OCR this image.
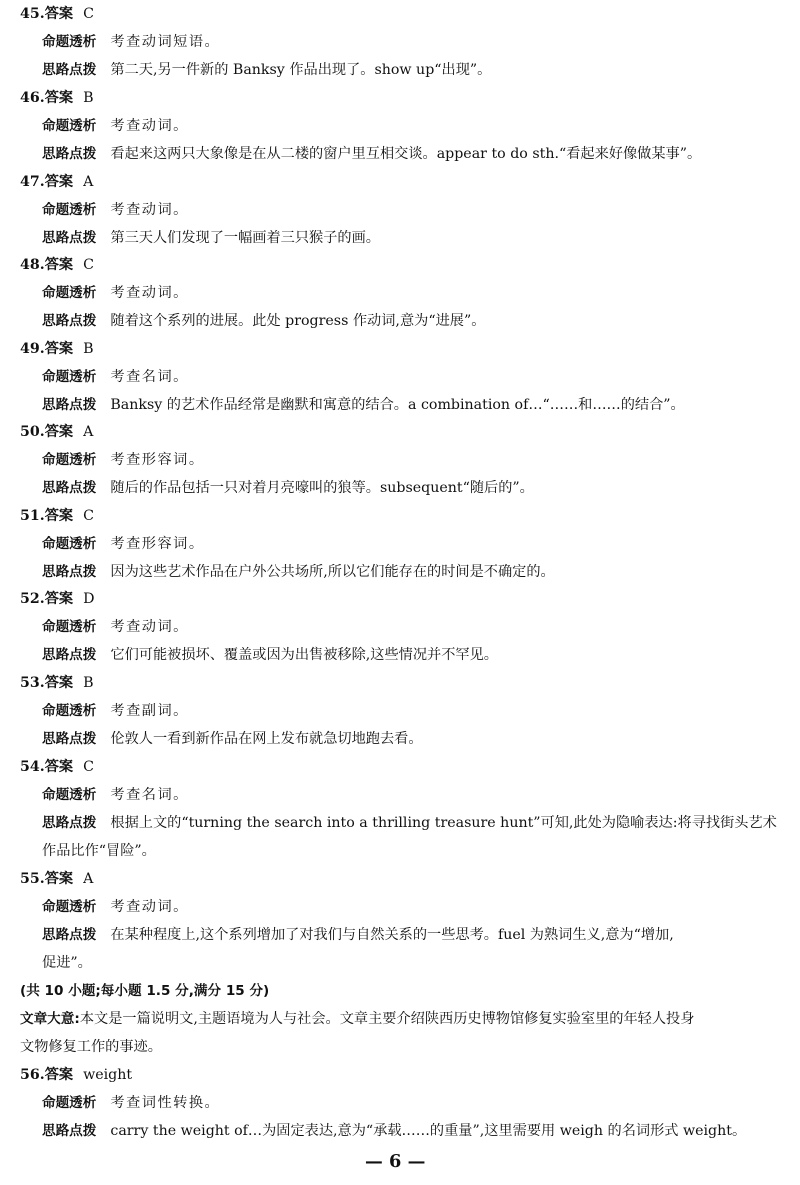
45.答案 C
命题透析 考查动词短语。
思路点拨 第二天,另一件新的 Banksy 作品出现了。show up“出现”。
46.答案 B
命题透析 考查动词。
思路点拨 看起来这两只大象像是在从二楼的窗户里互相交谈。appear to do sth.“看起来好像做某事”。
47.答案 A
命题透析 考查动词。
思路点拨 第三天人们发现了一幅画着三只猴子的画。
48.答案 C
命题透析 考查动词。
思路点拨 随着这个系列的进展。此处 progress 作动词,意为“进展”。
49.答案 B
命题透析 考查名词。
思路点拨 Banksy 的艺术作品经常是幽默和寓意的结合。a combination of…“……和……的结合”。
50.答案 A
命题透析 考查形容词。
思路点拨 随后的作品包括一只对着月亮嚎叫的狼等。subsequent“随后的”。
51.答案 C
命题透析 考查形容词。
思路点拨 因为这些艺术作品在户外公共场所,所以它们能存在的时间是不确定的。
52.答案 D
命题透析 考查动词。
思路点拨 它们可能被损坏、覆盖或因为出售被移除,这些情况并不罕见。
53.答案 B
命题透析 考查副词。
思路点拨 伦敦人一看到新作品在网上发布就急切地跑去看。
54.答案 C
命题透析 考查名词。
思路点拨 根据上文的“turning the search into a thrilling treasure hunt”可知,此处为隐喻表达:将寻找街头艺术
作品比作“冒险”。
55.答案 A
命题透析 考查动词。
思路点拨 在某种程度上,这个系列增加了对我们与自然关系的一些思考。fuel 为熟词生义,意为“增加,
促进”。
(共 10 小题;每小题 1.5 分,满分 15 分)
文章大意:本文是一篇说明文,主题语境为人与社会。文章主要介绍陕西历史博物馆修复实验室里的年轻人投身
文物修复工作的事迹。
56.答案 weight
命题透析 考查词性转换。
思路点拨 carry the weight of…为固定表达,意为“承载……的重量”,这里需要用 weigh 的名词形式 weight。
— 6 —
